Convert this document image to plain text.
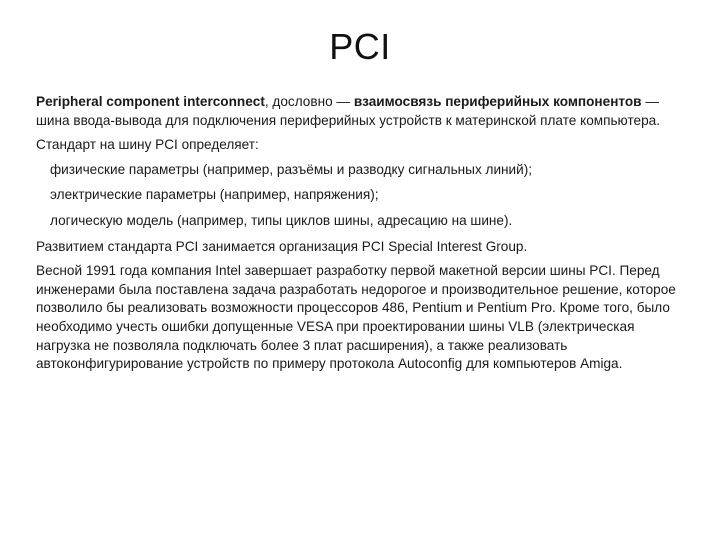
PCI

Peripheral component interconnect, дословно — взаимосвязь периферийных компонентов — шина ввода-вывода для подключения периферийных устройств к материнской плате компьютера.

Стандарт на шину PCI определяет:

физические параметры (например, разъёмы и разводку сигнальных линий);
электрические параметры (например, напряжения);
логическую модель (например, типы циклов шины, адресацию на шине).

Развитием стандарта PCI занимается организация PCI Special Interest Group.

Весной 1991 года компания Intel завершает разработку первой макетной версии шины PCI. Перед инженерами была поставлена задача разработать недорогое и производительное решение, которое позволило бы реализовать возможности процессоров 486, Pentium и Pentium Pro. Кроме того, было необходимо учесть ошибки допущенные VESA при проектировании шины VLB (электрическая нагрузка не позволяла подключать более 3 плат расширения), а также реализовать автоконфигурирование устройств по примеру протокола Autoconfig для компьютеров Amiga.
